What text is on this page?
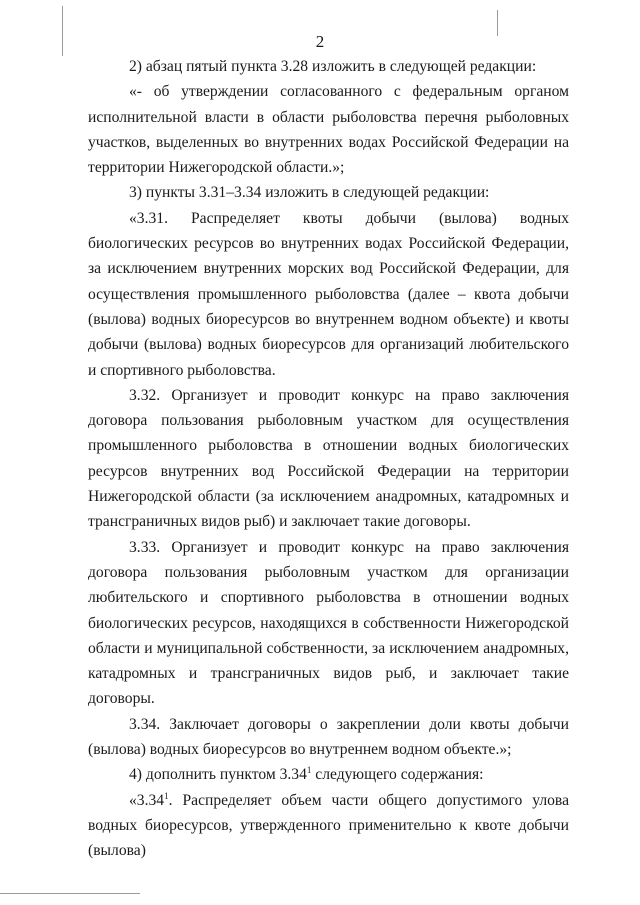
2

2) абзац пятый пункта 3.28 изложить в следующей редакции:

«- об утверждении согласованного с федеральным органом исполнительной власти в области рыболовства перечня рыболовных участков, выделенных во внутренних водах Российской Федерации на территории Нижегородской области.»;

3) пункты 3.31–3.34 изложить в следующей редакции:

«3.31. Распределяет квоты добычи (вылова) водных биологических ресурсов во внутренних водах Российской Федерации, за исключением внутренних морских вод Российской Федерации, для осуществления промышленного рыболовства (далее – квота добычи (вылова) водных биоресурсов во внутреннем водном объекте) и квоты добычи (вылова) водных биоресурсов для организаций любительского и спортивного рыболовства.

3.32. Организует и проводит конкурс на право заключения договора пользования рыболовным участком для осуществления промышленного рыболовства в отношении водных биологических ресурсов внутренних вод Российской Федерации на территории Нижегородской области (за исключением анадромных, катадромных и трансграничных видов рыб) и заключает такие договоры.

3.33. Организует и проводит конкурс на право заключения договора пользования рыболовным участком для организации любительского и спортивного рыболовства в отношении водных биологических ресурсов, находящихся в собственности Нижегородской области и муниципальной собственности, за исключением анадромных, катадромных и трансграничных видов рыб, и заключает такие договоры.

3.34. Заключает договоры о закреплении доли квоты добычи (вылова) водных биоресурсов во внутреннем водном объекте.»;

4) дополнить пунктом 3.34$^1$ следующего содержания:

«3.34$^1$. Распределяет объем части общего допустимого улова водных биоресурсов, утвержденного применительно к квоте добычи (вылова)
